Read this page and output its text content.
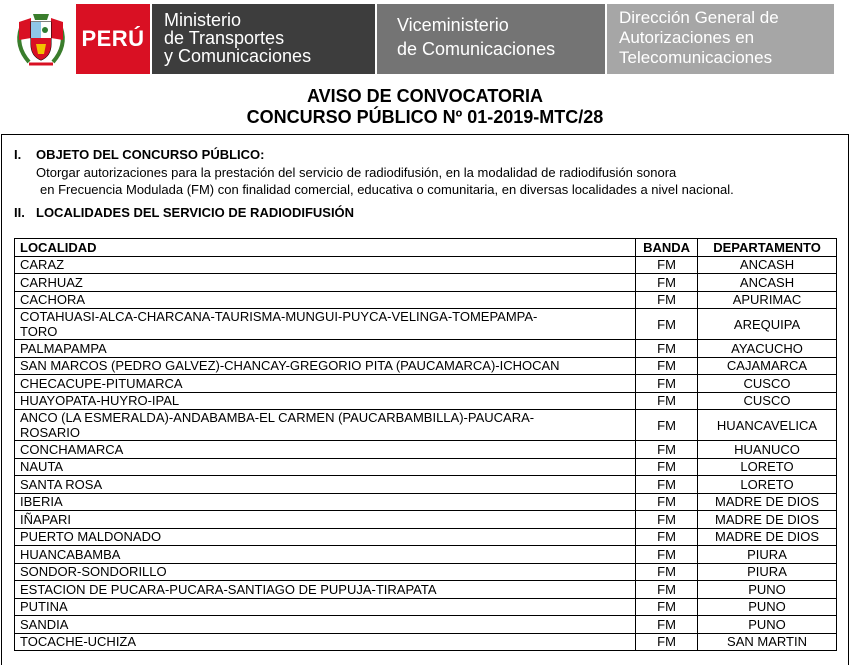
PERÚ
Ministerio
de Transportes
y Comunicaciones
Viceministerio
de Comunicaciones
Dirección General de
Autorizaciones en
Telecomunicaciones
AVISO DE CONVOCATORIA
CONCURSO PÚBLICO Nº 01-2019-MTC/28
I. OBJETO DEL CONCURSO PÚBLICO:
Otorgar autorizaciones para la prestación del servicio de radiodifusión, en la modalidad de radiodifusión sonora
en Frecuencia Modulada (FM) con finalidad comercial, educativa o comunitaria, en diversas localidades a nivel nacional.
II. LOCALIDADES DEL SERVICIO DE RADIODIFUSIÓN
LOCALIDAD	BANDA	DEPARTAMENTO
CARAZ	FM	ANCASH
CARHUAZ	FM	ANCASH
CACHORA	FM	APURIMAC
COTAHUASI-ALCA-CHARCANA-TAURISMA-MUNGUI-PUYCA-VELINGA-TOMEPAMPA-
TORO	FM	AREQUIPA
PALMAPAMPA	FM	AYACUCHO
SAN MARCOS (PEDRO GALVEZ)-CHANCAY-GREGORIO PITA (PAUCAMARCA)-ICHOCAN	FM	CAJAMARCA
CHECACUPE-PITUMARCA	FM	CUSCO
HUAYOPATA-HUYRO-IPAL	FM	CUSCO
ANCO (LA ESMERALDA)-ANDABAMBA-EL CARMEN (PAUCARBAMBILLA)-PAUCARA-
ROSARIO	FM	HUANCAVELICA
CONCHAMARCA	FM	HUANUCO
NAUTA	FM	LORETO
SANTA ROSA	FM	LORETO
IBERIA	FM	MADRE DE DIOS
IÑAPARI	FM	MADRE DE DIOS
PUERTO MALDONADO	FM	MADRE DE DIOS
HUANCABAMBA	FM	PIURA
SONDOR-SONDORILLO	FM	PIURA
ESTACION DE PUCARA-PUCARA-SANTIAGO DE PUPUJA-TIRAPATA	FM	PUNO
PUTINA	FM	PUNO
SANDIA	FM	PUNO
TOCACHE-UCHIZA	FM	SAN MARTIN
